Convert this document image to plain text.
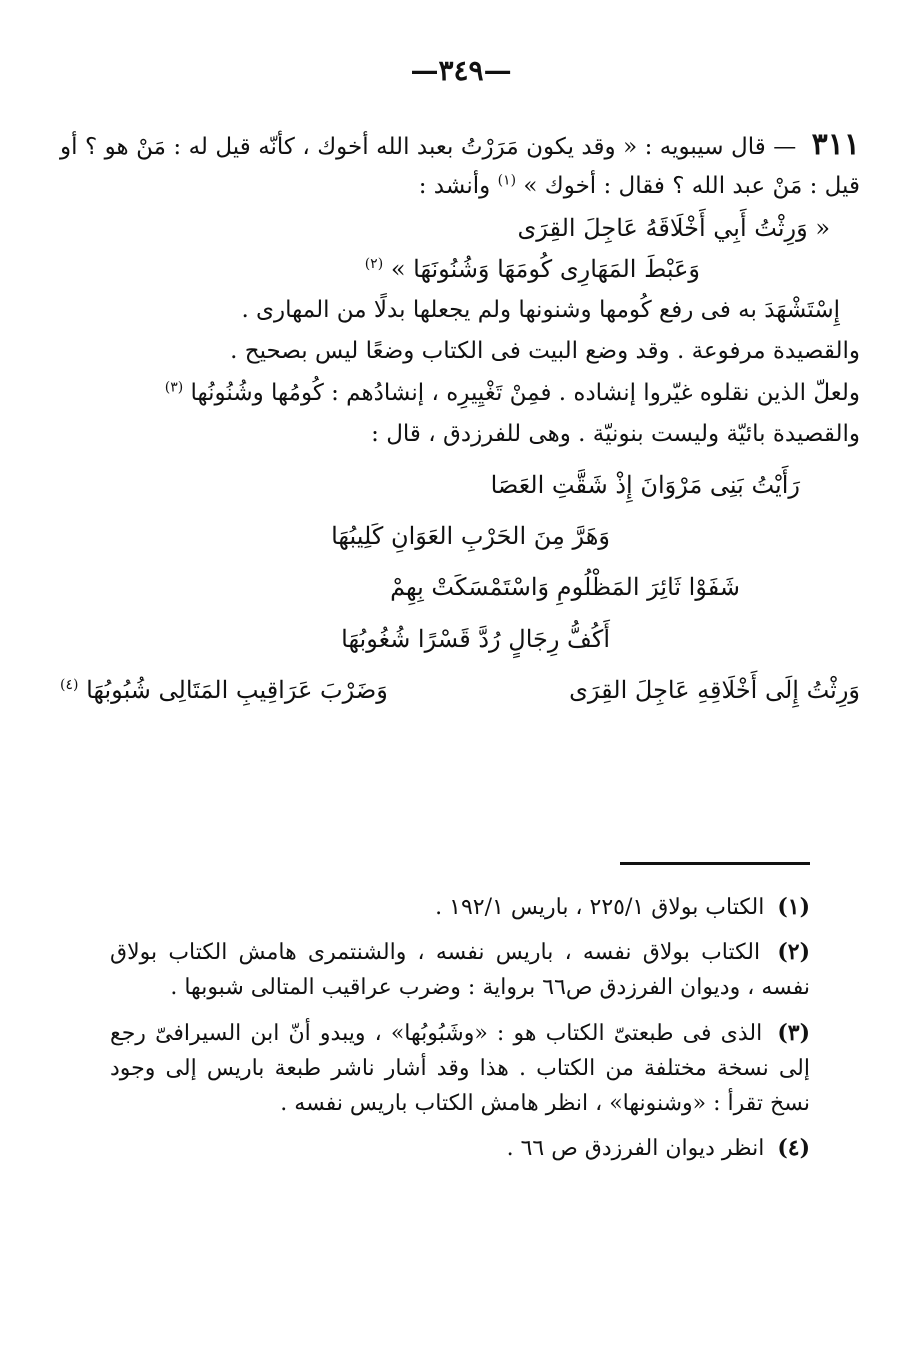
—٣٤٩—

٣١١ — قال سيبويه : « وقد يكون مَرَرْتُ بعبد الله أخوك ، كأنّه قيل له : مَنْ هو ؟ أو قيل : مَنْ عبد الله ؟ فقال : أخوك » $^{(١)}$ وأنشد :

« وَرِثْتُ أَبِي أَخْلَاقَهُ عَاجِلَ القِرَى
وَعَبْطَ المَهَارِى كُومَهَا وَشُنُونَهَا » $^{(٢)}$

إِسْتَشْهَدَ به فى رفع كُومها وشنونها ولم يجعلها بدلًا من المهارى .

والقصيدة مرفوعة . وقد وضع البيت فى الكتاب وضعًا ليس بصحيح .

ولعلّ الذين نقلوه غيّروا إنشاده . فمِنْ تَغْيِيرِه ، إنشادُهم : كُومُها وشُنُونُها $^{(٣)}$

والقصيدة بائيّة وليست بنونيّة . وهى للفرزدق ، قال :

رَأَيْتُ بَنِى مَرْوَانَ إِذْ شَقَّتِ العَصَا
وَهَرَّ مِنَ الحَرْبِ العَوَانِ كَلِيبُهَا
شَفَوْا ثَائِرَ المَظْلُومِ وَاسْتَمْسَكَتْ بِهِمْ
أَكُفُّ رِجَالٍ رُدَّ قَسْرًا شُغُوبُهَا
وَرِثْتُ إِلَى أَخْلَاقِهِ عَاجِلَ القِرَى
وَضَرْبَ عَرَاقِيبِ المَتَالِى شُبُوبُهَا $^{(٤)}$

(١) الكتاب بولاق ٢٢٥/١ ، باريس ١٩٢/١ .

(٢) الكتاب بولاق نفسه ، باريس نفسه ، والشنتمرى هامش الكتاب بولاق نفسه ، وديوان الفرزدق ص٦٦ برواية : وضرب عراقيب المتالى شبوبها .

(٣) الذى فى طبعتىّ الكتاب هو : «وشَبُوبُها» ، ويبدو أنّ ابن السيرافىّ رجع إلى نسخة مختلفة من الكتاب . هذا وقد أشار ناشر طبعة باريس إلى وجود نسخ تقرأ : «وشنونها» ، انظر هامش الكتاب باريس نفسه .

(٤) انظر ديوان الفرزدق ص ٦٦ .
